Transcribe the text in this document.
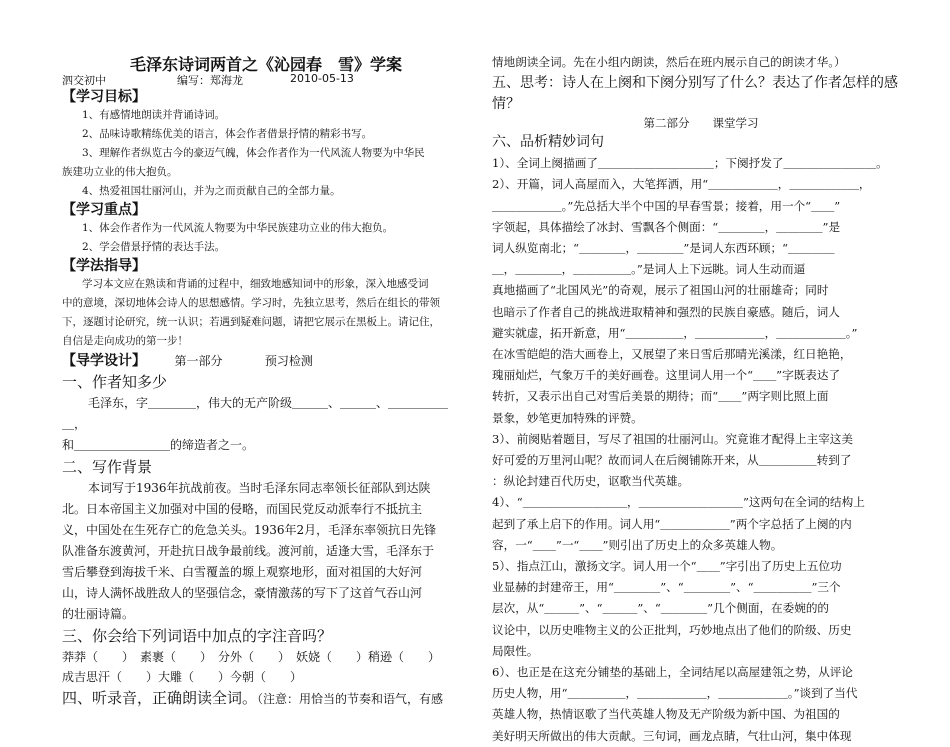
毛泽东诗词两首之《沁园春　雪》学案
泗交初中	编写：郑海龙	2010-05-13

【学习目标】

1、有感情地朗读并背诵诗词。

2、品味诗歌精练优美的语言，体会作者借景抒情的精彩书写。

3、理解作者纵览古今的豪迈气魄，体会作者作为一代风流人物要为中华民

族建功立业的伟大抱负。

4、热爱祖国壮丽河山，并为之而贡献自己的全部力量。

【学习重点】

1、体会作者作为一代风流人物要为中华民族建功立业的伟大抱负。

2、学会借景抒情的表达手法。

【学法指导】

学习本文应在熟读和背诵的过程中，细致地感知词中的形象，深入地感受词

中的意境，深切地体会诗人的思想感情。学习时，先独立思考，然后在组长的带领

下，逐题讨论研究，统一认识；若遇到疑难问题，请把它展示在黑板上。请记住，

自信是走向成功的第一步！

【导学设计】 第一部分	预习检测

一、作者知多少

毛泽东，字＿＿＿＿，伟大的无产阶级＿＿＿、＿＿＿、＿＿＿＿＿＿，

和＿＿＿＿＿＿＿＿的缔造者之一。

二、写作背景

本词写于1936年抗战前夜。当时毛泽东同志率领长征部队到达陕

北。日本帝国主义加强对中国的侵略，而国民党反动派奉行不抵抗主

义，中国处在生死存亡的危急关头。1936年2月，毛泽东率领抗日先锋

队准备东渡黄河，开赴抗日战争最前线。渡河前，适逢大雪，毛泽东于

雪后攀登到海拔千米、白雪覆盖的塬上观察地形，面对祖国的大好河

山，诗人满怀战胜敌人的坚强信念，豪情激荡的写下了这首气吞山河

的壮丽诗篇。

三、你会给下列词语中加点的字注音吗？

莽莽（　　）　素裹（　　）　分外（　　）　妖娆（　　）稍逊（　　）

成吉思汗（　　）大雕（　　）今朝（　　）

四、听录音，正确朗读全词。（注意：用恰当的节奏和语气，有感

情地朗读全词。先在小组内朗读，然后在班内展示自己的朗读才华。）

五、思考：诗人在上阕和下阕分别写了什么？表达了作者怎样的感情？

第二部分　　课堂学习

六、品析精妙词句

1）、全词上阕描画了＿＿＿＿＿＿＿＿＿＿；下阕抒发了＿＿＿＿＿＿＿＿。

2）、开篇，词人高屋而入，大笔挥洒，用“＿＿＿＿＿＿，＿＿＿＿＿＿，

＿＿＿＿＿＿。”先总括大半个中国的早春雪景；接着，用一个“＿＿”

字领起，具体描绘了冰封、雪飘各个侧面：“＿＿＿＿，＿＿＿＿”是

词人纵览南北；“＿＿＿＿，＿＿＿＿”是词人东西环顾；“＿＿＿＿

＿，＿＿＿＿，＿＿＿＿＿。”是词人上下远眺。词人生动而逼

真地描画了“北国风光”的奇观，展示了祖国山河的壮丽雄奇；同时

也暗示了作者自己的挑战进取精神和强烈的民族自豪感。随后，词人

避实就虚，拓开新意，用“＿＿＿＿＿，＿＿＿＿＿＿，＿＿＿＿＿＿。”

在冰雪皑皑的浩大画卷上，又展望了来日雪后那晴光溪漾，红日艳艳，

瑰丽灿烂，气象万千的美好画卷。这里词人用一个“＿＿”字既表达了

转折，又表示出自己对雪后美景的期待；而“＿＿”两字则比照上面

景象，妙笔更加特殊的评赞。

3）、前阕贴着题目，写尽了祖国的壮丽河山。究竟谁才配得上主宰这美

好可爱的万里河山呢？故而词人在后阕铺陈开来，从＿＿＿＿＿转到了

：纵论封建百代历史，讴歌当代英雄。

4）、“＿＿＿＿＿＿＿＿＿，＿＿＿＿＿＿＿＿＿”这两句在全词的结构上

起到了承上启下的作用。词人用“＿＿＿＿＿＿”两个字总括了上阕的内

容，一“＿＿”一“＿＿”则引出了历史上的众多英雄人物。

5）、指点江山，激扬文字。词人用一个“＿＿”字引出了历史上五位功

业显赫的封建帝王，用“＿＿＿＿”、“＿＿＿＿”、“＿＿＿＿＿”三个

层次，从“＿＿＿”、“＿＿＿”、“＿＿＿＿”几个侧面，在委婉的的

议论中，以历史唯物主义的公正批判，巧妙地点出了他们的阶级、历史

局限性。

6）、也正是在这充分铺垫的基础上，全词结尾以高屋建瓴之势，从评论

历史人物，用“＿＿＿＿＿，＿＿＿＿＿＿，＿＿＿＿＿＿。”谈到了当代

英雄人物，热情讴歌了当代英雄人物及无产阶级为新中国、为祖国的

美好明天所做出的伟大贡献。三句词，画龙点睛，气壮山河，集中体现
